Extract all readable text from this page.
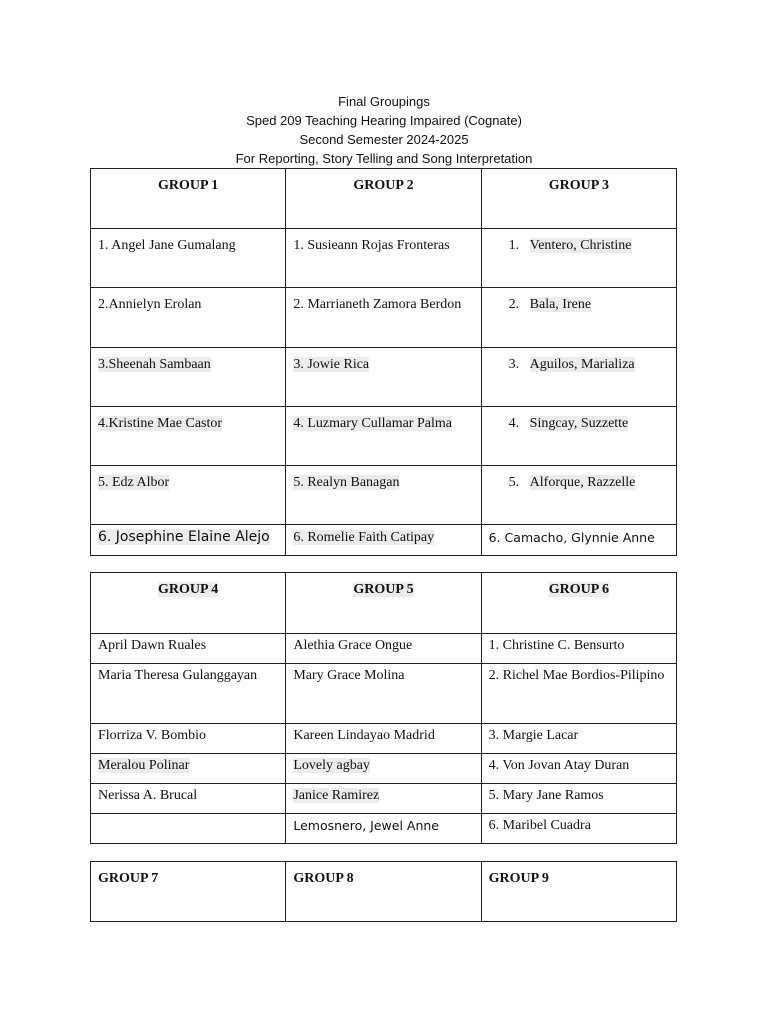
Final Groupings
Sped 209 Teaching Hearing Impaired (Cognate)
Second Semester 2024-2025
For Reporting, Story Telling and Song Interpretation
GROUP 1	GROUP 2	GROUP 3
1. Angel Jane Gumalang	1. Susieann Rojas Fronteras	1. Ventero, Christine
2.Annielyn Erolan	2. Marrianeth Zamora Berdon	2. Bala, Irene
3.Sheenah Sambaan	3. Jowie Rica	3. Aguilos, Marializa
4.Kristine Mae Castor	4. Luzmary Cullamar Palma	4. Singcay, Suzzette
5. Edz Albor	5. Realyn Banagan	5. Alforque, Razzelle
6. Josephine Elaine Alejo	6. Romelie Faith Catipay	6. Camacho, Glynnie Anne
GROUP 4	GROUP 5	GROUP 6
April Dawn Ruales	Alethia Grace Ongue	1. Christine C. Bensurto
Maria Theresa Gulanggayan	Mary Grace Molina	2. Richel Mae Bordios-Pilipino
Florriza V. Bombio	Kareen Lindayao Madrid	3. Margie Lacar
Meralou Polinar	Lovely agbay	4. Von Jovan Atay Duran
Nerissa A. Brucal	Janice Ramirez	5. Mary Jane Ramos
	Lemosnero, Jewel Anne	6. Maribel Cuadra
GROUP 7	GROUP 8	GROUP 9
